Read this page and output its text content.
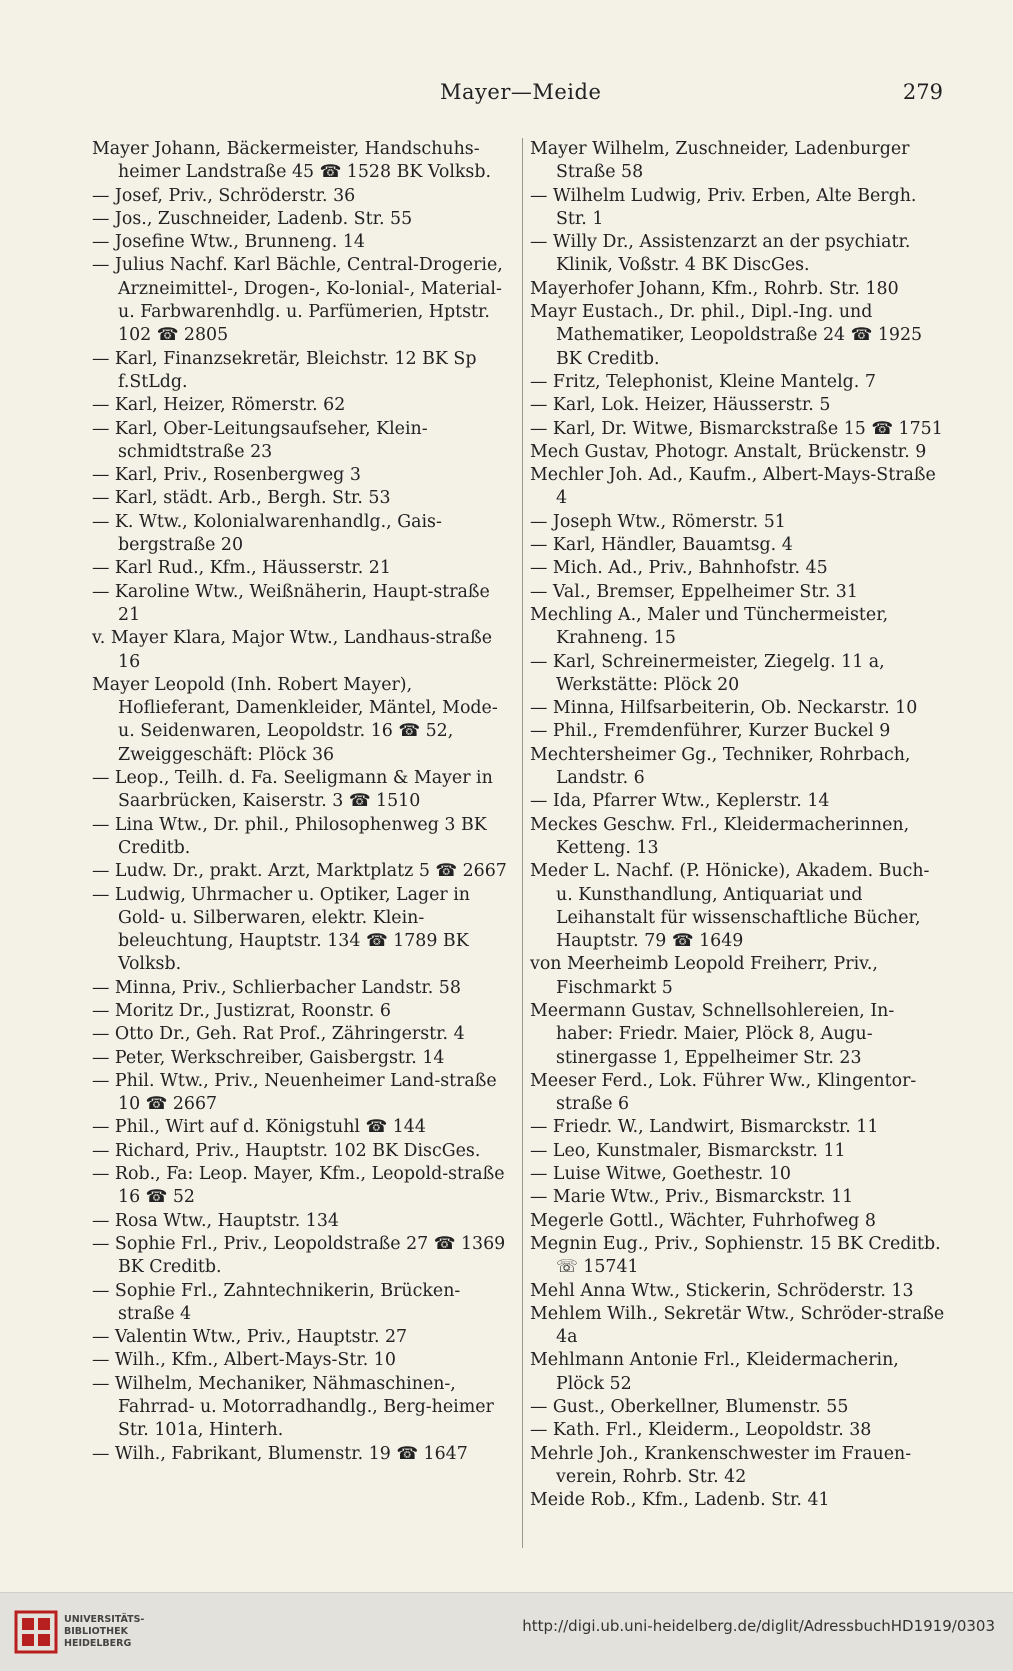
Mayer—Meide	279

Mayer Johann, Bäckermeister, Handschuhs-heimer Landstraße 45 ☎ 1528 BK Volksb.

— Josef, Priv., Schröderstr. 36

— Jos., Zuschneider, Ladenb. Str. 55

— Josefine Wtw., Brunneng. 14

— Julius Nachf. Karl Bächle, Central-Drogerie, Arzneimittel-, Drogen-, Ko-lonial-, Material- u. Farbwarenhdlg. u. Parfümerien, Hptstr. 102 ☎ 2805

— Karl, Finanzsekretär, Bleichstr. 12 BK Sp f.StLdg.

— Karl, Heizer, Römerstr. 62

— Karl, Ober-Leitungsaufseher, Klein-schmidtstraße 23

— Karl, Priv., Rosenbergweg 3

— Karl, städt. Arb., Bergh. Str. 53

— K. Wtw., Kolonialwarenhandlg., Gais-bergstraße 20

— Karl Rud., Kfm., Häusserstr. 21

— Karoline Wtw., Weißnäherin, Haupt-straße 21

v. Mayer Klara, Major Wtw., Landhaus-straße 16

Mayer Leopold (Inh. Robert Mayer), Hoflieferant, Damenkleider, Mäntel, Mode- u. Seidenwaren, Leopoldstr. 16 ☎ 52, Zweiggeschäft: Plöck 36

— Leop., Teilh. d. Fa. Seeligmann & Mayer in Saarbrücken, Kaiserstr. 3 ☎ 1510

— Lina Wtw., Dr. phil., Philosophenweg 3 BK Creditb.

— Ludw. Dr., prakt. Arzt, Marktplatz 5 ☎ 2667

— Ludwig, Uhrmacher u. Optiker, Lager in Gold- u. Silberwaren, elektr. Klein-beleuchtung, Hauptstr. 134 ☎ 1789 BK Volksb.

— Minna, Priv., Schlierbacher Landstr. 58

— Moritz Dr., Justizrat, Roonstr. 6

— Otto Dr., Geh. Rat Prof., Zähringerstr. 4

— Peter, Werkschreiber, Gaisbergstr. 14

— Phil. Wtw., Priv., Neuenheimer Land-straße 10 ☎ 2667

— Phil., Wirt auf d. Königstuhl ☎ 144

— Richard, Priv., Hauptstr. 102 BK DiscGes.

— Rob., Fa: Leop. Mayer, Kfm., Leopold-straße 16 ☎ 52

— Rosa Wtw., Hauptstr. 134

— Sophie Frl., Priv., Leopoldstraße 27 ☎ 1369 BK Creditb.

— Sophie Frl., Zahntechnikerin, Brücken-straße 4

— Valentin Wtw., Priv., Hauptstr. 27

— Wilh., Kfm., Albert-Mays-Str. 10

— Wilhelm, Mechaniker, Nähmaschinen-, Fahrrad- u. Motorradhandlg., Berg-heimer Str. 101a, Hinterh.

— Wilh., Fabrikant, Blumenstr. 19 ☎ 1647

Mayer Wilhelm, Zuschneider, Ladenburger Straße 58

— Wilhelm Ludwig, Priv. Erben, Alte Bergh. Str. 1

— Willy Dr., Assistenzarzt an der psychiatr. Klinik, Voßstr. 4 BK DiscGes.

Mayerhofer Johann, Kfm., Rohrb. Str. 180

Mayr Eustach., Dr. phil., Dipl.-Ing. und Mathematiker, Leopoldstraße 24 ☎ 1925 BK Creditb.

— Fritz, Telephonist, Kleine Mantelg. 7

— Karl, Lok. Heizer, Häusserstr. 5

— Karl, Dr. Witwe, Bismarckstraße 15 ☎ 1751

Mech Gustav, Photogr. Anstalt, Brückenstr. 9

Mechler Joh. Ad., Kaufm., Albert-Mays-Straße 4

— Joseph Wtw., Römerstr. 51

— Karl, Händler, Bauamtsg. 4

— Mich. Ad., Priv., Bahnhofstr. 45

— Val., Bremser, Eppelheimer Str. 31

Mechling A., Maler und Tünchermeister, Krahneng. 15

— Karl, Schreinermeister, Ziegelg. 11 a, Werkstätte: Plöck 20

— Minna, Hilfsarbeiterin, Ob. Neckarstr. 10

— Phil., Fremdenführer, Kurzer Buckel 9

Mechtersheimer Gg., Techniker, Rohrbach, Landstr. 6

— Ida, Pfarrer Wtw., Keplerstr. 14

Meckes Geschw. Frl., Kleidermacherinnen, Ketteng. 13

Meder L. Nachf. (P. Hönicke), Akadem. Buch- u. Kunsthandlung, Antiquariat und Leihanstalt für wissenschaftliche Bücher, Hauptstr. 79 ☎ 1649

von Meerheimb Leopold Freiherr, Priv., Fischmarkt 5

Meermann Gustav, Schnellsohlereien, In-haber: Friedr. Maier, Plöck 8, Augu-stinergasse 1, Eppelheimer Str. 23

Meeser Ferd., Lok. Führer Ww., Klingentor-straße 6

— Friedr. W., Landwirt, Bismarckstr. 11

— Leo, Kunstmaler, Bismarckstr. 11

— Luise Witwe, Goethestr. 10

— Marie Wtw., Priv., Bismarckstr. 11

Megerle Gottl., Wächter, Fuhrhofweg 8

Megnin Eug., Priv., Sophienstr. 15 BK Creditb. ☏ 15741

Mehl Anna Wtw., Stickerin, Schröderstr. 13

Mehlem Wilh., Sekretär Wtw., Schröder-straße 4a

Mehlmann Antonie Frl., Kleidermacherin, Plöck 52

— Gust., Oberkellner, Blumenstr. 55

— Kath. Frl., Kleiderm., Leopoldstr. 38

Mehrle Joh., Krankenschwester im Frauen-verein, Rohrb. Str. 42

Meide Rob., Kfm., Ladenb. Str. 41

UNIVERSITÄTS-
BIBLIOTHEK
HEIDELBERG
http://digi.ub.uni-heidelberg.de/diglit/AdressbuchHD1919/0303
